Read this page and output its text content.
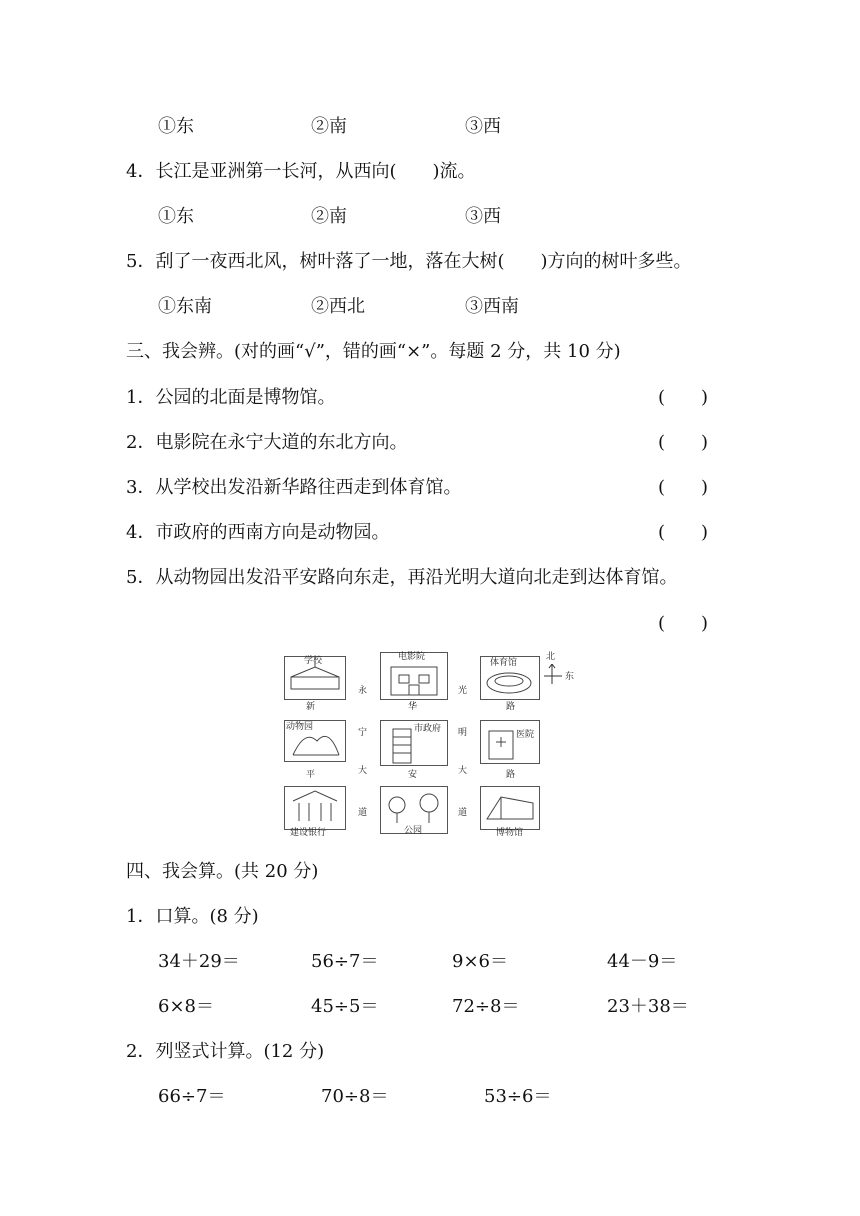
①东	②南	③西
4．长江是亚洲第一长河，从西向(　　)流。
①东	②南	③西
5．刮了一夜西北风，树叶落了一地，落在大树(　　)方向的树叶多些。
①东南	②西北	③西南
三、我会辨。(对的画“√”，错的画“×”。每题 2 分，共 10 分)
1．公园的北面是博物馆。	(　　)
2．电影院在永宁大道的东北方向。	(　　)
3．从学校出发沿新华路往西走到体育馆。	(　　)
4．市政府的西南方向是动物园。	(　　)
5．从动物园出发沿平安路向东走，再沿光明大道向北走到达体育馆。
(　　)
学校	电影院
体育馆
北
东
新	华	路
永
宁
大
道
光
明
大
道
动物园	市政府
医院
平	安	路
建设银行	公园	博物馆
四、我会算。(共 20 分)
1．口算。(8 分)
34＋29＝	56÷7＝	9×6＝	44－9＝
6×8＝	45÷5＝	72÷8＝	23＋38＝
2．列竖式计算。(12 分)
66÷7＝	70÷8＝	53÷6＝
